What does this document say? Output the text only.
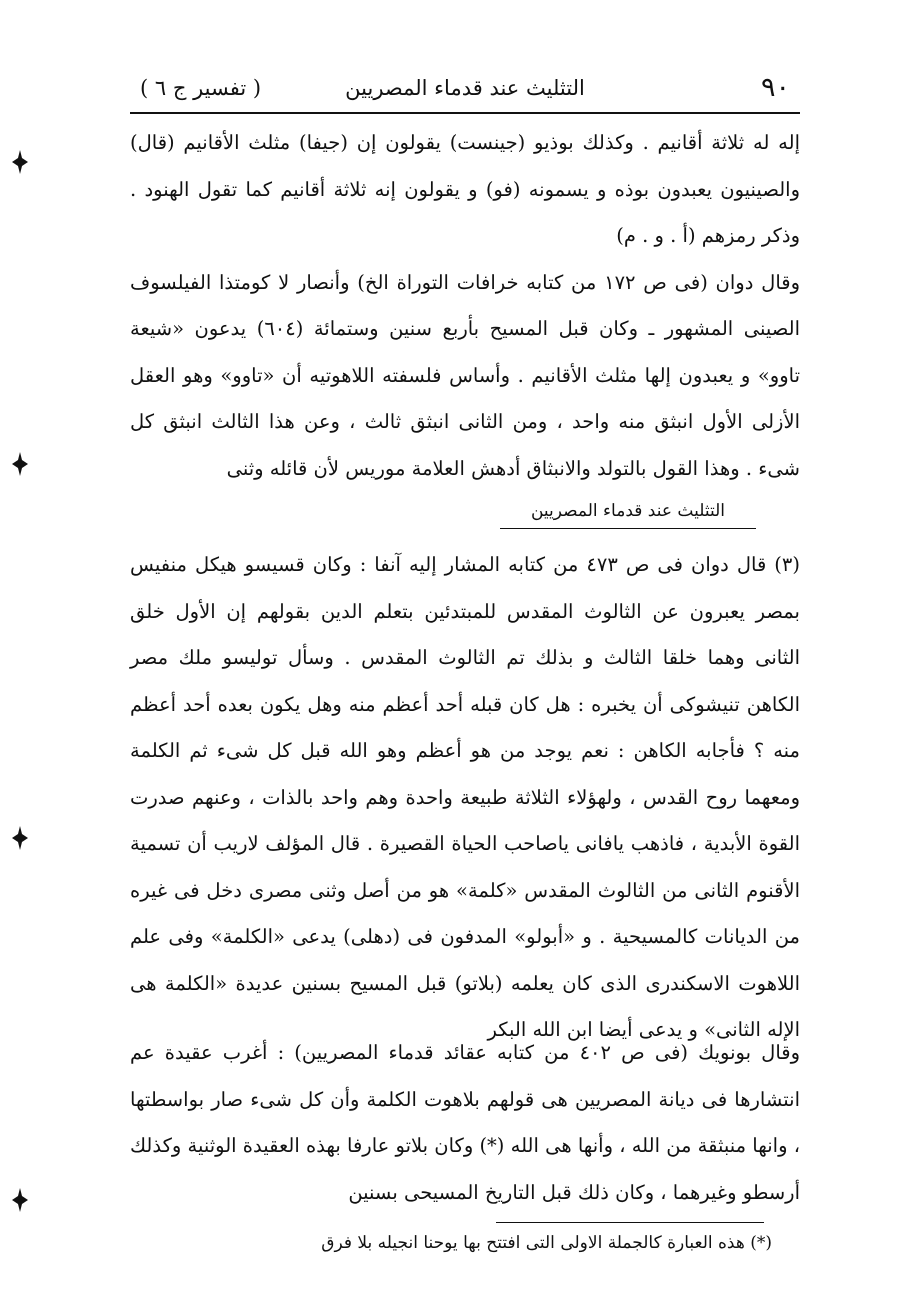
٩٠
التثليث عند قدماء المصريين
( تفسير ج ٦ )

إله له ثلاثة أقانيم . وكذلك بوذيو (جينست) يقولون إن (جيفا) مثلث الأقانيم (قال) والصينيون يعبدون بوذه و يسمونه (فو) و يقولون إنه ثلاثة أقانيم كما تقول الهنود . وذكر رمزهم (أ . و . م)

وقال دوان (فى ص ١٧٢ من كتابه خرافات التوراة الخ) وأنصار لا كومتذا الفيلسوف الصينى المشهور ـ وكان قبل المسيح بأربع سنين وستمائة (٦٠٤) يدعون «شيعة تاوو» و يعبدون إلها مثلث الأقانيم . وأساس فلسفته اللاهوتيه أن «تاوو» وهو العقل الأزلى الأول انبثق منه واحد ، ومن الثانى انبثق ثالث ، وعن هذا الثالث انبثق كل شىء . وهذا القول بالتولد والانبثاق أدهش العلامة موريس لأن قائله وثنى

التثليث عند قدماء المصريين

(٣) قال دوان فى ص ٤٧٣ من كتابه المشار إليه آنفا : وكان قسيسو هيكل منفيس بمصر يعبرون عن الثالوث المقدس للمبتدئين بتعلم الدين بقولهم إن الأول خلق الثانى وهما خلقا الثالث و بذلك تم الثالوث المقدس . وسأل توليسو ملك مصر الكاهن تنيشوكى أن يخبره : هل كان قبله أحد أعظم منه وهل يكون بعده أحد أعظم منه ؟ فأجابه الكاهن : نعم يوجد من هو أعظم وهو الله قبل كل شىء ثم الكلمة ومعهما روح القدس ، ولهؤلاء الثلاثة طبيعة واحدة وهم واحد بالذات ، وعنهم صدرت القوة الأبدية ، فاذهب يافانى ياصاحب الحياة القصيرة . قال المؤلف لاريب أن تسمية الأقنوم الثانى من الثالوث المقدس «كلمة» هو من أصل وثنى مصرى دخل فى غيره من الديانات كالمسيحية . و «أبولو» المدفون فى (دهلى) يدعى «الكلمة» وفى علم اللاهوت الاسكندرى الذى كان يعلمه (بلاتو) قبل المسيح بسنين عديدة «الكلمة هى الإله الثانى» و يدعى أيضا ابن الله البكر

وقال بونويك (فى ص ٤٠٢ من كتابه عقائد قدماء المصريين) : أغرب عقيدة عم انتشارها فى ديانة المصريين هى قولهم بلاهوت الكلمة وأن كل شىء صار بواسطتها ، وانها منبثقة من الله ، وأنها هى الله (*) وكان بلاتو عارفا بهذه العقيدة الوثنية وكذلك أرسطو وغيرهما ، وكان ذلك قبل التاريخ المسيحى بسنين

(*) هذه العبارة كالجملة الاولى التى افتتح بها يوحنا انجيله بلا فرق
